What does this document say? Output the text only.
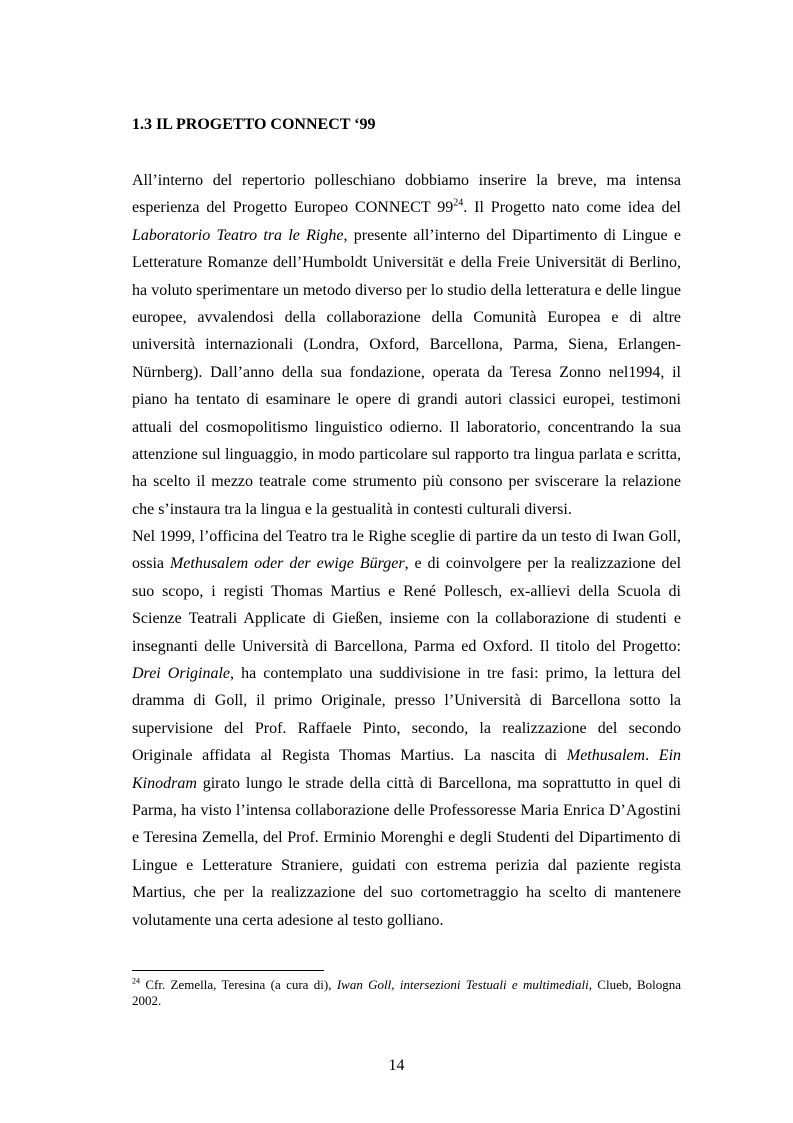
1.3 IL PROGETTO CONNECT ‘99
All’interno del repertorio polleschiano dobbiamo inserire la breve, ma intensa
esperienza del Progetto Europeo CONNECT $99^{24}$. Il Progetto nato come idea del
Laboratorio Teatro tra le Righe, presente all’interno del Dipartimento di Lingue e
Letterature Romanze dell’Humboldt Universität e della Freie Universität di Berlino,
ha voluto sperimentare un metodo diverso per lo studio della letteratura e delle lingue
europee, avvalendosi della collaborazione della Comunità Europea e di altre
università internazionali (Londra, Oxford, Barcellona, Parma, Siena, Erlangen-
Nürnberg). Dall’anno della sua fondazione, operata da Teresa Zonno nel1994, il
piano ha tentato di esaminare le opere di grandi autori classici europei, testimoni
attuali del cosmopolitismo linguistico odierno. Il laboratorio, concentrando la sua
attenzione sul linguaggio, in modo particolare sul rapporto tra lingua parlata e scritta,
ha scelto il mezzo teatrale come strumento più consono per sviscerare la relazione
che s’instaura tra la lingua e la gestualità in contesti culturali diversi.
Nel 1999, l’officina del Teatro tra le Righe sceglie di partire da un testo di Iwan Goll,
ossia Methusalem oder der ewige Bürger, e di coinvolgere per la realizzazione del
suo scopo, i registi Thomas Martius e René Pollesch, ex-allievi della Scuola di
Scienze Teatrali Applicate di Gießen, insieme con la collaborazione di studenti e
insegnanti delle Università di Barcellona, Parma ed Oxford. Il titolo del Progetto:
Drei Originale, ha contemplato una suddivisione in tre fasi: primo, la lettura del
dramma di Goll, il primo Originale, presso l’Università di Barcellona sotto la
supervisione del Prof. Raffaele Pinto, secondo, la realizzazione del secondo
Originale affidata al Regista Thomas Martius. La nascita di Methusalem. Ein
Kinodram girato lungo le strade della città di Barcellona, ma soprattutto in quel di
Parma, ha visto l’intensa collaborazione delle Professoresse Maria Enrica D’Agostini
e Teresina Zemella, del Prof. Erminio Morenghi e degli Studenti del Dipartimento di
Lingue e Letterature Straniere, guidati con estrema perizia dal paziente regista
Martius, che per la realizzazione del suo cortometraggio ha scelto di mantenere
volutamente una certa adesione al testo golliano.
$^{24}$ Cfr. Zemella, Teresina (a cura di), Iwan Goll, intersezioni Testuali e multimediali, Clueb, Bologna
2002.
14
